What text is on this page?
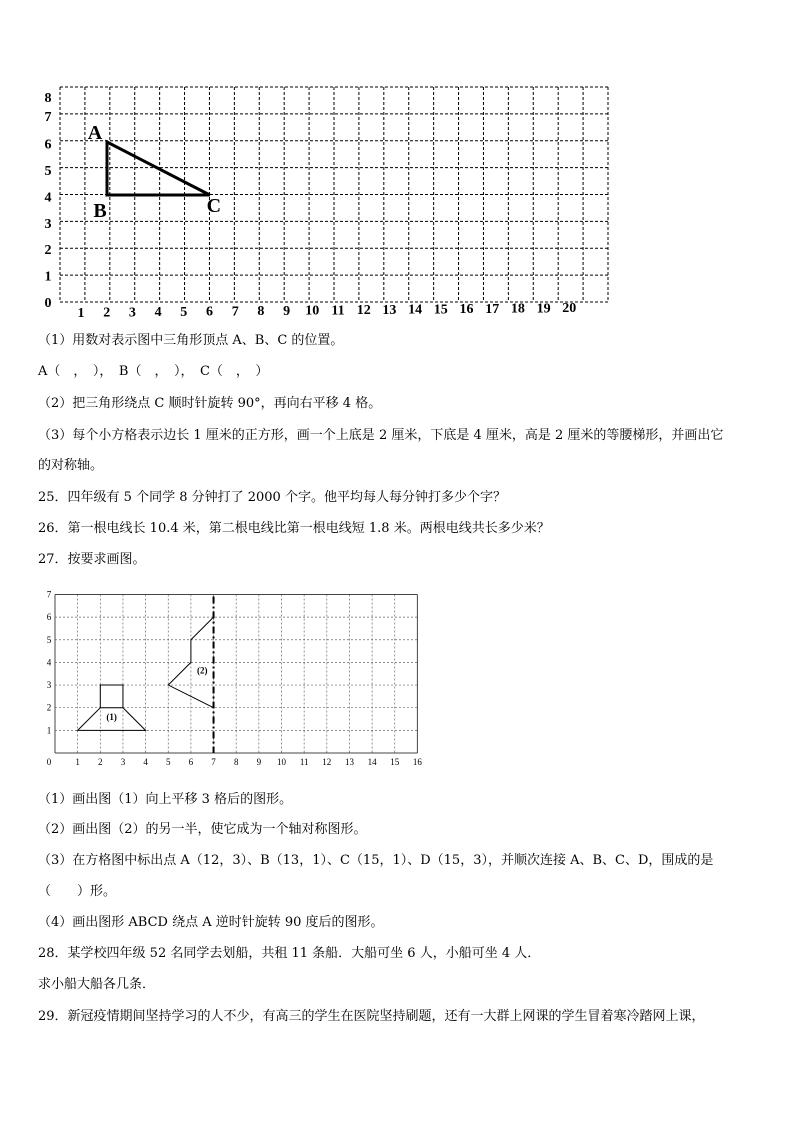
8
7
6
5
4
3
2
1
0
1 2 3 4 5 6 7 8 9 10 11 12 13 14 15 16 17 18 19 20
A
B	C
（1）用数对表示图中三角形顶点 A、B、C 的位置。
A（　，　），　B（　，　），　C（　，　）
（2）把三角形绕点 C 顺时针旋转 90°，再向右平移 4 格。
（3）每个小方格表示边长 1 厘米的正方形，画一个上底是 2 厘米，下底是 4 厘米，高是 2 厘米的等腰梯形，并画出它
的对称轴。
25．四年级有 5 个同学 8 分钟打了 2000 个字。他平均每人每分钟打多少个字？
26．第一根电线长 10.4 米，第二根电线比第一根电线短 1.8 米。两根电线共长多少米？
27．按要求画图。
7
6
5
4
3
2
1
0	1 2 3 4 5 6 7 8 9 10 11 12 13 14 15 16
(1)
(2)
（1）画出图（1）向上平移 3 格后的图形。
（2）画出图（2）的另一半，使它成为一个轴对称图形。
（3）在方格图中标出点 A（12，3）、B（13，1）、C（15，1）、D（15，3），并顺次连接 A、B、C、D，围成的是
（　　）形。
（4）画出图形 ABCD 绕点 A 逆时针旋转 90 度后的图形。
28．某学校四年级 52 名同学去划船，共租 11 条船．大船可坐 6 人，小船可坐 4 人．
求小船大船各几条．
29．新冠疫情期间坚持学习的人不少，有高三的学生在医院坚持刷题，还有一大群上网课的学生冒着寒冷踏网上课，
